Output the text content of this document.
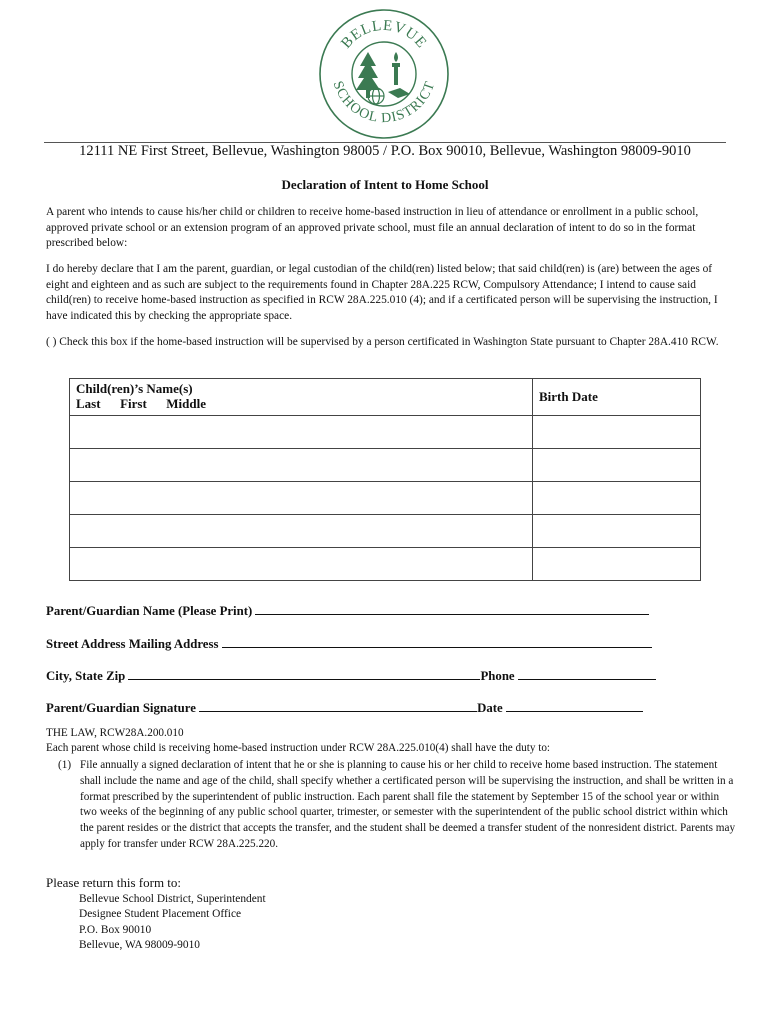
BELLEVUE
SCHOOL DISTRICT
12111 NE First Street, Bellevue, Washington 98005 / P.O. Box 90010, Bellevue, Washington 98009-9010
Declaration of Intent to Home School
A parent who intends to cause his/her child or children to receive home-based instruction in lieu of attendance or enrollment in a public school, approved private school or an extension program of an approved private school, must file an annual declaration of intent to do so in the format prescribed below:
I do hereby declare that I am the parent, guardian, or legal custodian of the child(ren) listed below; that said child(ren) is (are) between the ages of eight and eighteen and as such are subject to the requirements found in Chapter 28A.225 RCW, Compulsory Attendance; I intend to cause said child(ren) to receive home-based instruction as specified in RCW 28A.225.010 (4); and if a certificated person will be supervising the instruction, I have indicated this by checking the appropriate space.
( ) Check this box if the home-based instruction will be supervised by a person certificated in Washington State pursuant to Chapter 28A.410 RCW.
Child(ren)’s Name(s)
Last First Middle	Birth Date

Parent/Guardian Name (Please Print)
Street Address Mailing Address
City, State Zip	Phone
Parent/Guardian Signature	Date
THE LAW, RCW28A.200.010
Each parent whose child is receiving home-based instruction under RCW 28A.225.010(4) shall have the duty to:
(1) File annually a signed declaration of intent that he or she is planning to cause his or her child to receive home based instruction. The statement shall include the name and age of the child, shall specify whether a certificated person will be supervising the instruction, and shall be written in a format prescribed by the superintendent of public instruction. Each parent shall file the statement by September 15 of the school year or within two weeks of the beginning of any public school quarter, trimester, or semester with the superintendent of the public school district within which the parent resides or the district that accepts the transfer, and the student shall be deemed a transfer student of the nonresident district. Parents may apply for transfer under RCW 28A.225.220.
Please return this form to:
Bellevue School District, Superintendent
Designee Student Placement Office
P.O. Box 90010
Bellevue, WA 98009-9010
